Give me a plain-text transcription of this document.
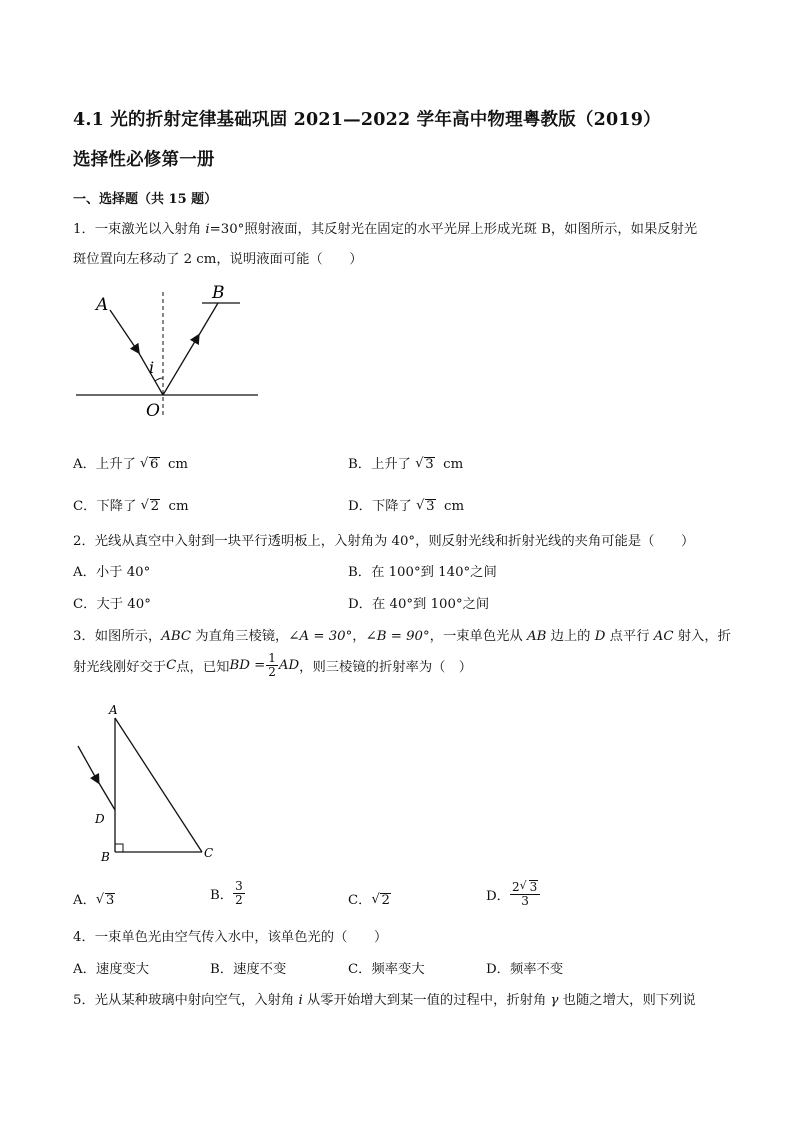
4.1 光的折射定律基础巩固 2021—2022 学年高中物理粤教版（2019）
选择性必修第一册
一、选择题（共 15 题）
1．一束激光以入射角 i=30°照射液面，其反射光在固定的水平光屏上形成光斑 B，如图所示，如果反射光
斑位置向左移动了 2 cm，说明液面可能（　　）
A
B
i
O
A．上升了 √ 6 cm	B．上升了 √ 3 cm
C．下降了 √ 2 cm	D．下降了 √ 3 cm
2．光线从真空中入射到一块平行透明板上，入射角为 40°，则反射光线和折射光线的夹角可能是（　　）
A．小于 40°	B．在 100°到 140°之间
C．大于 40°	D．在 40°到 100°之间
3．如图所示，ABC 为直角三棱镜，∠A = 30°，∠B = 90°，一束单色光从 AB 边上的 D 点平行 AC 射入，折
射光线刚好交于 C 点，已知 BD = $\frac{1}{2}$ AD ，则三棱镜的折射率为（　）
A
B	C
D
A． √ 3	B． $\frac{3}{2}$	C． √ 2	D． $\frac{2 √ 3}{3}$
4．一束单色光由空气传入水中，该单色光的（　　）
A．速度变大	B．速度不变	C．频率变大	D．频率不变
5．光从某种玻璃中射向空气，入射角 i 从零开始增大到某一值的过程中，折射角 γ 也随之增大，则下列说
